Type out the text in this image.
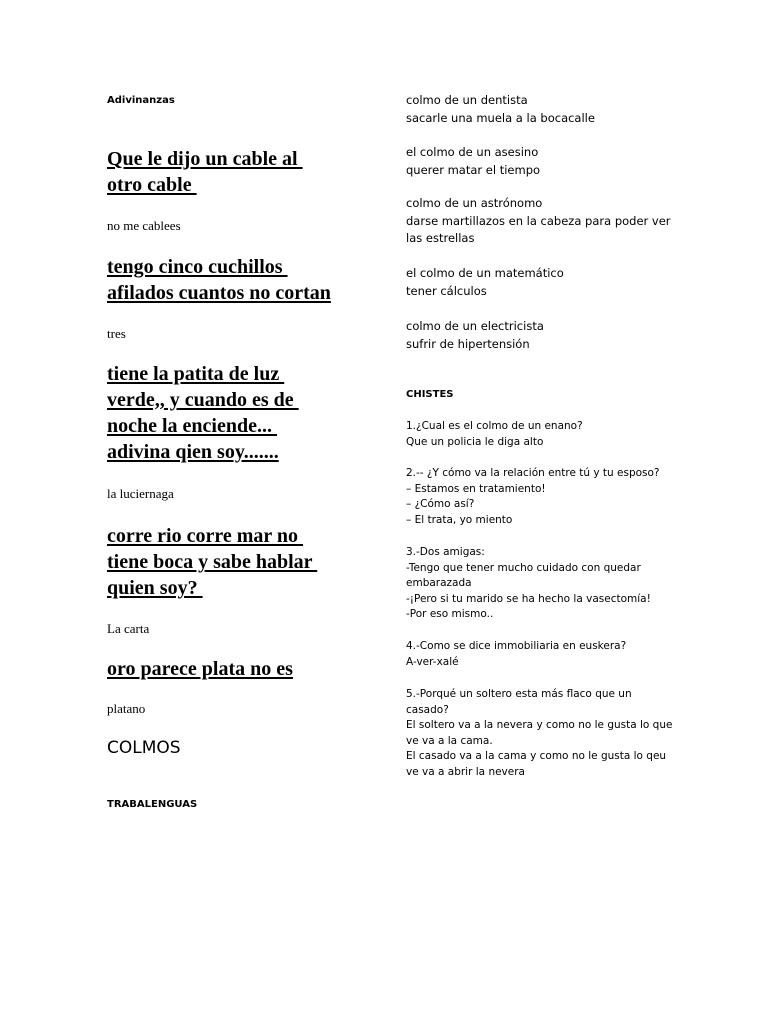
Adivinanzas

Que le dijo un cable al
otro cable

no me cablees

tengo cinco cuchillos
afilados cuantos no cortan

tres

tiene la patita de luz
verde,, y cuando es de
noche la enciende...
adivina qien soy.......

la luciernaga

corre rio corre mar no
tiene boca y sabe hablar
quien soy?

La carta

oro parece plata no es

platano

COLMOS

TRABALENGUAS

colmo de un dentista
sacarle una muela a la bocacalle
el colmo de un asesino
querer matar el tiempo
colmo de un astrónomo
darse martillazos en la cabeza para poder ver
las estrellas
el colmo de un matemático
tener cálculos
colmo de un electricista
sufrir de hipertensión

CHISTES

1.¿Cual es el colmo de un enano?
Que un policia le diga alto
2.-- ¿Y cómo va la relación entre tú y tu esposo?
– Estamos en tratamiento!
– ¿Cómo así?
– El trata, yo miento
3.-Dos amigas:
-Tengo que tener mucho cuidado con quedar
embarazada
-¡Pero si tu marido se ha hecho la vasectomía!
-Por eso mismo..
4.-Como se dice immobiliaria en euskera?
A-ver-xalé
5.-Porqué un soltero esta más flaco que un
casado?
El soltero va a la nevera y como no le gusta lo que
ve va a la cama.
El casado va a la cama y como no le gusta lo qeu
ve va a abrir la nevera
